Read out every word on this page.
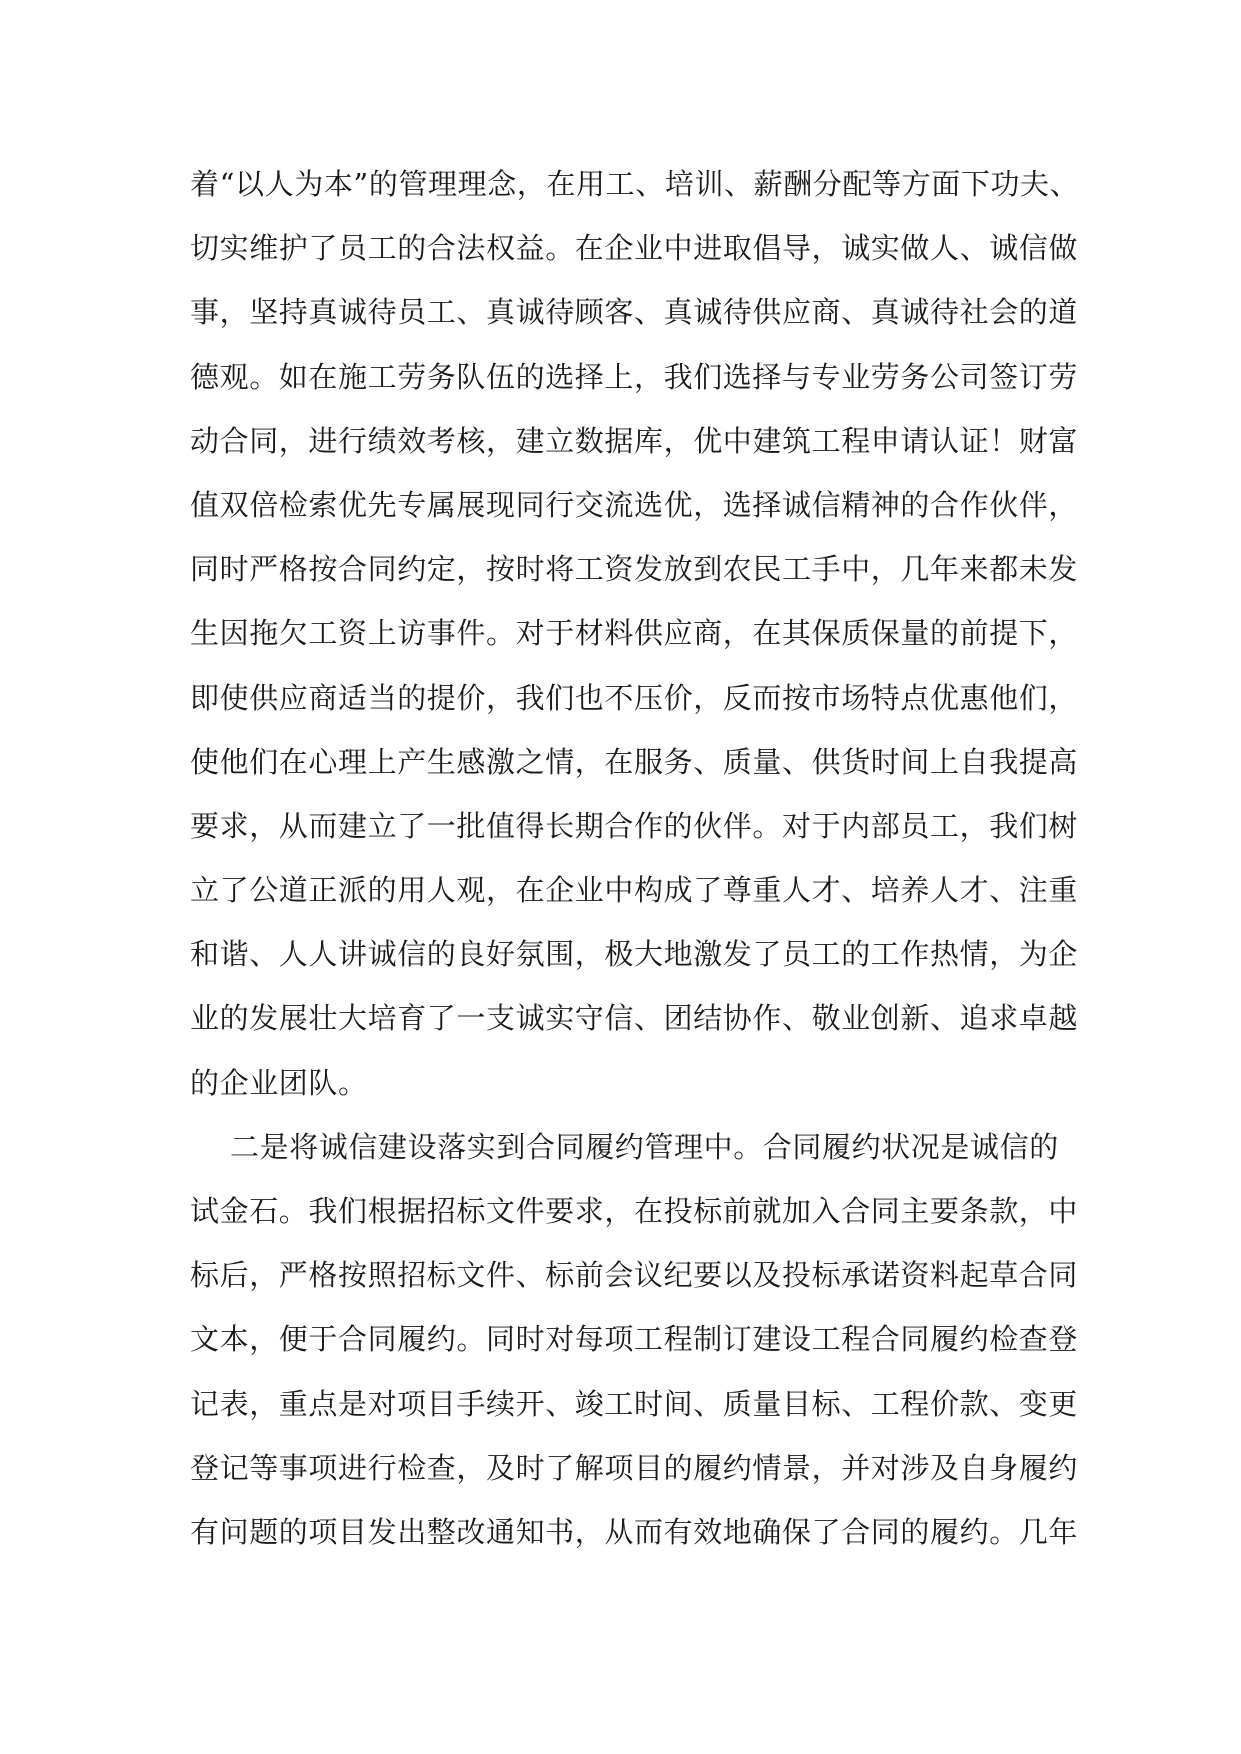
着“以人为本”的管理理念，在用工、培训、薪酬分配等方面下功夫、
切实维护了员工的合法权益。在企业中进取倡导，诚实做人、诚信做
事，坚持真诚待员工、真诚待顾客、真诚待供应商、真诚待社会的道
德观。如在施工劳务队伍的选择上，我们选择与专业劳务公司签订劳
动合同，进行绩效考核，建立数据库，优中建筑工程申请认证！财富
值双倍检索优先专属展现同行交流选优，选择诚信精神的合作伙伴，
同时严格按合同约定，按时将工资发放到农民工手中，几年来都未发
生因拖欠工资上访事件。对于材料供应商，在其保质保量的前提下，
即使供应商适当的提价，我们也不压价，反而按市场特点优惠他们，
使他们在心理上产生感激之情，在服务、质量、供货时间上自我提高
要求，从而建立了一批值得长期合作的伙伴。对于内部员工，我们树
立了公道正派的用人观，在企业中构成了尊重人才、培养人才、注重
和谐、人人讲诚信的良好氛围，极大地激发了员工的工作热情，为企
业的发展壮大培育了一支诚实守信、团结协作、敬业创新、追求卓越
的企业团队。
二是将诚信建设落实到合同履约管理中。合同履约状况是诚信的
试金石。我们根据招标文件要求，在投标前就加入合同主要条款，中
标后，严格按照招标文件、标前会议纪要以及投标承诺资料起草合同
文本，便于合同履约。同时对每项工程制订建设工程合同履约检查登
记表，重点是对项目手续开、竣工时间、质量目标、工程价款、变更
登记等事项进行检查，及时了解项目的履约情景，并对涉及自身履约
有问题的项目发出整改通知书，从而有效地确保了合同的履约。几年
